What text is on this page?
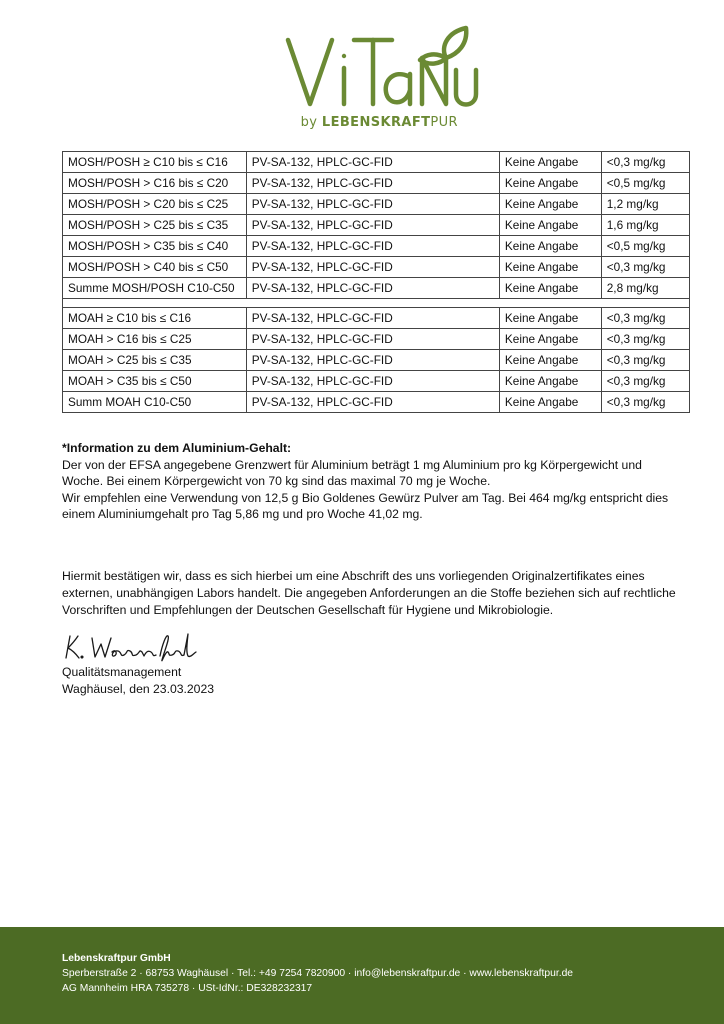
by LEBENSKRAFTPUR
MOSH/POSH ≥ C10 bis ≤ C16	PV-SA-132, HPLC-GC-FID	Keine Angabe	<0,3 mg/kg
MOSH/POSH > C16 bis ≤ C20	PV-SA-132, HPLC-GC-FID	Keine Angabe	<0,5 mg/kg
MOSH/POSH > C20 bis ≤ C25	PV-SA-132, HPLC-GC-FID	Keine Angabe	1,2 mg/kg
MOSH/POSH > C25 bis ≤ C35	PV-SA-132, HPLC-GC-FID	Keine Angabe	1,6 mg/kg
MOSH/POSH > C35 bis ≤ C40	PV-SA-132, HPLC-GC-FID	Keine Angabe	<0,5 mg/kg
MOSH/POSH > C40 bis ≤ C50	PV-SA-132, HPLC-GC-FID	Keine Angabe	<0,3 mg/kg
Summe MOSH/POSH C10-C50	PV-SA-132, HPLC-GC-FID	Keine Angabe	2,8 mg/kg

MOAH ≥ C10 bis ≤ C16	PV-SA-132, HPLC-GC-FID	Keine Angabe	<0,3 mg/kg
MOAH > C16 bis ≤ C25	PV-SA-132, HPLC-GC-FID	Keine Angabe	<0,3 mg/kg
MOAH > C25 bis ≤ C35	PV-SA-132, HPLC-GC-FID	Keine Angabe	<0,3 mg/kg
MOAH > C35 bis ≤ C50	PV-SA-132, HPLC-GC-FID	Keine Angabe	<0,3 mg/kg
Summ MOAH C10-C50	PV-SA-132, HPLC-GC-FID	Keine Angabe	<0,3 mg/kg
*Information zu dem Aluminium-Gehalt:
Der von der EFSA angegebene Grenzwert für Aluminium beträgt 1 mg Aluminium pro kg Körpergewicht und
Woche. Bei einem Körpergewicht von 70 kg sind das maximal 70 mg je Woche.
Wir empfehlen eine Verwendung von 12,5 g Bio Goldenes Gewürz Pulver am Tag. Bei 464 mg/kg entspricht dies
einem Aluminiumgehalt pro Tag 5,86 mg und pro Woche 41,02 mg.
Hiermit bestätigen wir, dass es sich hierbei um eine Abschrift des uns vorliegenden Originalzertifikates eines
externen, unabhängigen Labors handelt. Die angegeben Anforderungen an die Stoffe beziehen sich auf rechtliche
Vorschriften und Empfehlungen der Deutschen Gesellschaft für Hygiene und Mikrobiologie.
Qualitätsmanagement
Waghäusel, den 23.03.2023
Lebenskraftpur GmbH
Sperberstraße 2 · 68753 Waghäusel · Tel.: +49 7254 7820900 · info@lebenskraftpur.de · www.lebenskraftpur.de
AG Mannheim HRA 735278 · USt-IdNr.: DE328232317
